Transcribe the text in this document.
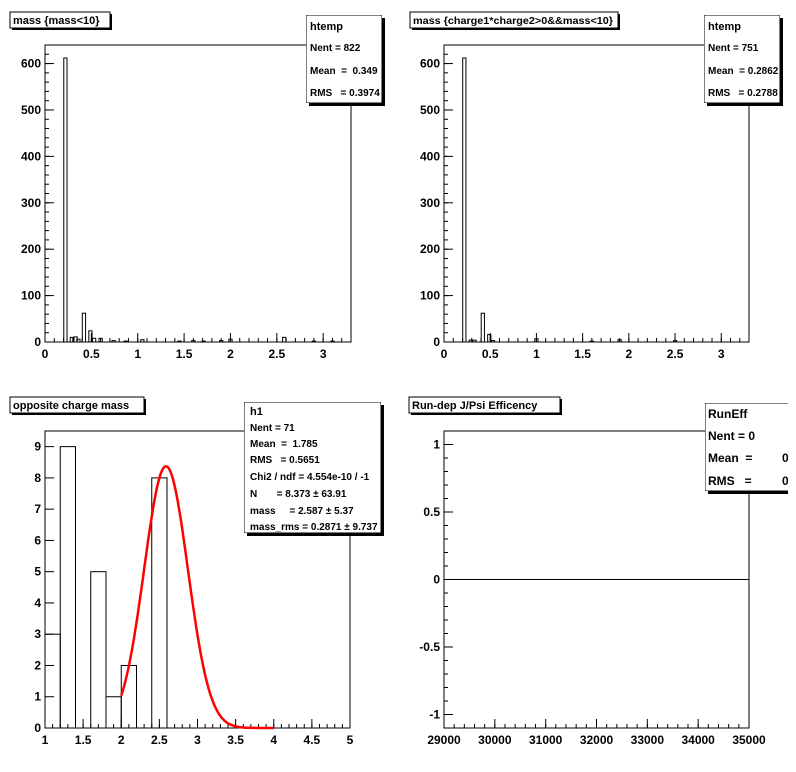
0	0.5	1	1.5	2	2.5	3
0
100
200
300
400
500
600
mass {mass<10}	htemp
Nent = 822
Mean  =  0.349
RMS   = 0.3974
0	0.5	1	1.5	2	2.5	3
0
100
200
300
400
500
600
mass {charge1*charge2>0&&mass<10}	htemp
Nent = 751
Mean  = 0.2862
RMS   = 0.2788
1 1.5 2 2.5 3 3.5 4 4.5 5
0
1
2
3
4
5
6
7
8
9
opposite charge mass	h1
Nent = 71
Mean  =  1.785
RMS   = 0.5651
Chi2 / ndf = 4.554e-10 / -1
N       = 8.373 ± 63.91
mass     = 2.587 ± 5.37
mass_rms = 0.2871 ± 9.737
29000 30000 31000 32000 33000 34000 35000
-1
-0.5
0
0.5
1
Run-dep J/Psi Efficency
RunEff
Nent = 0
Mean  =
RMS   =
0
0
